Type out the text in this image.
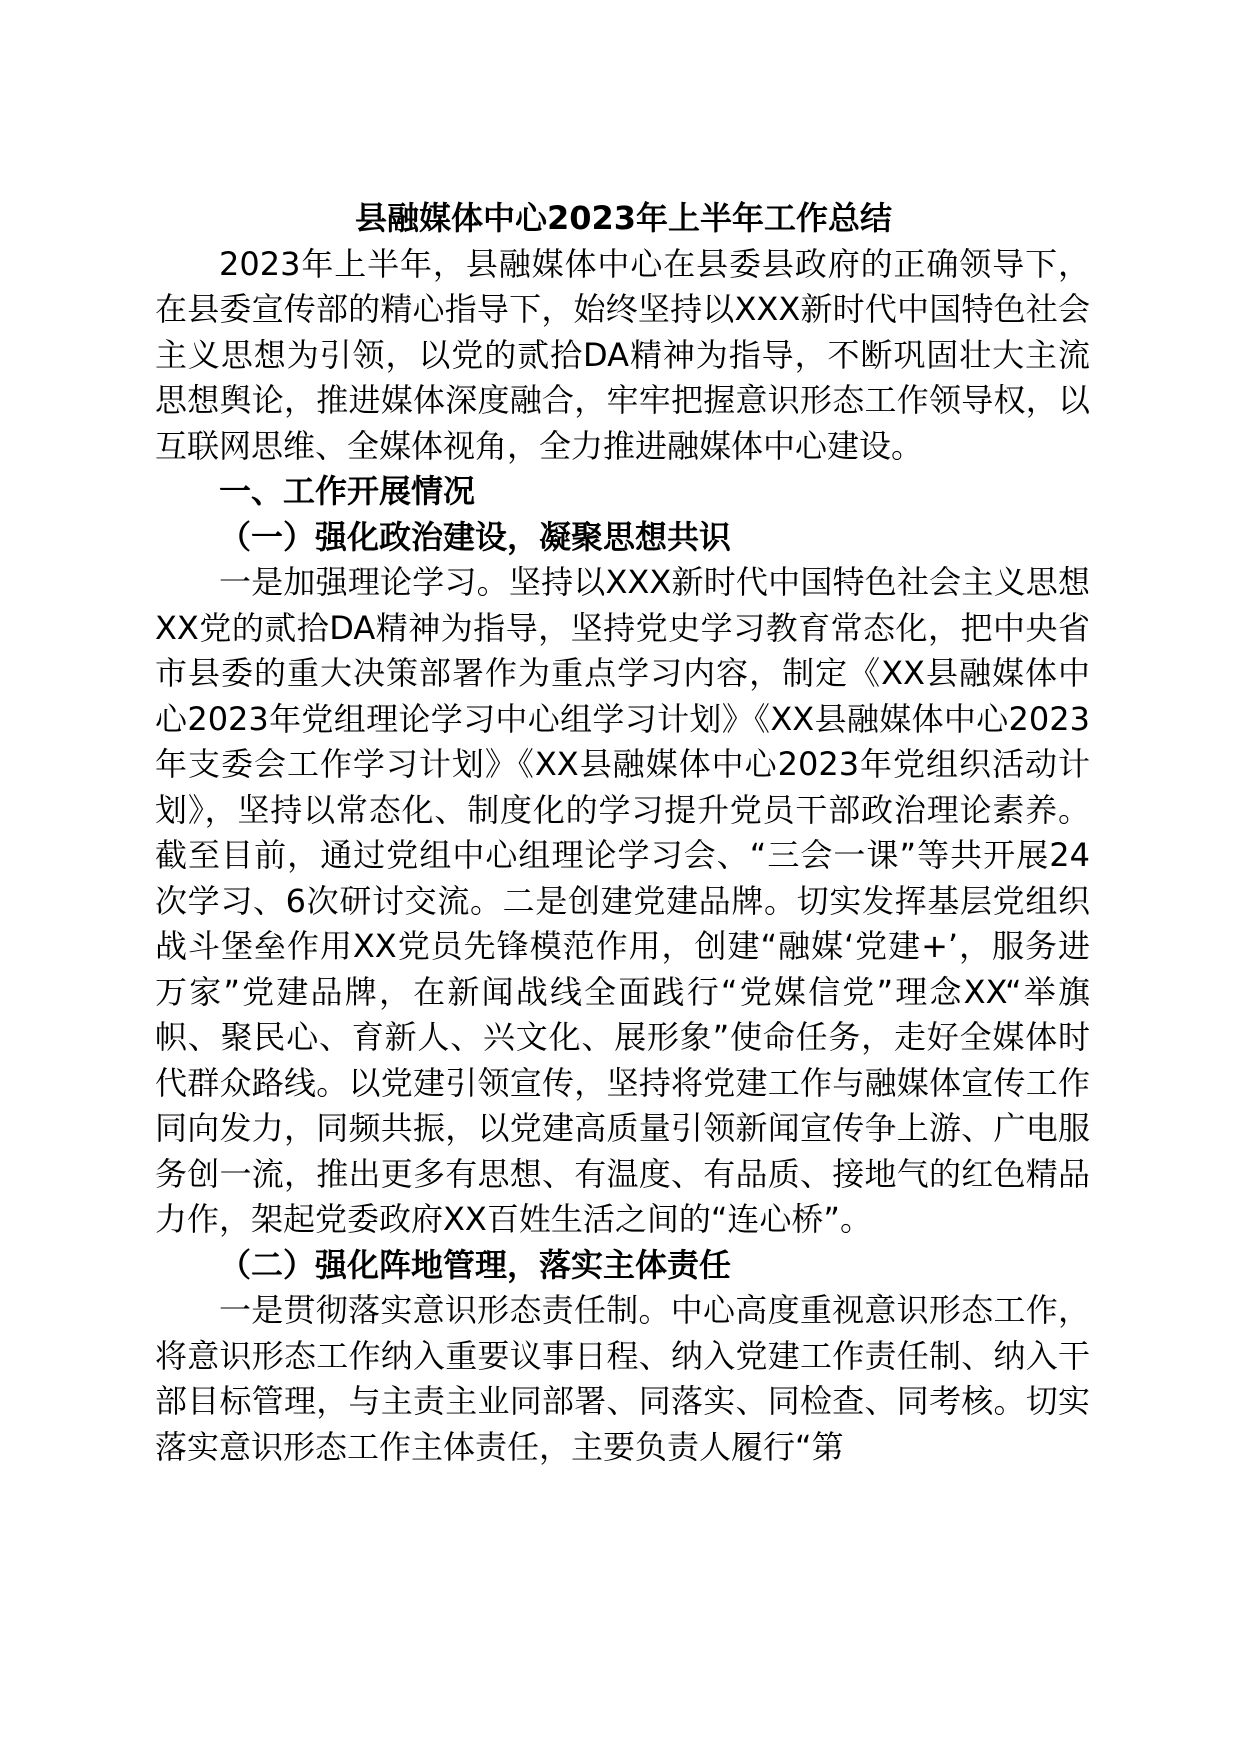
县融媒体中心2023年上半年工作总结

2023年上半年，县融媒体中心在县委县政府的正确领导下，在县委宣传部的精心指导下，始终坚持以XXX新时代中国特色社会主义思想为引领，以党的贰拾DA精神为指导，不断巩固壮大主流思想舆论，推进媒体深度融合，牢牢把握意识形态工作领导权，以互联网思维、全媒体视角，全力推进融媒体中心建设。

一、工作开展情况

（一）强化政治建设，凝聚思想共识

一是加强理论学习。坚持以XXX新时代中国特色社会主义思想XX党的贰拾DA精神为指导，坚持党史学习教育常态化，把中央省市县委的重大决策部署作为重点学习内容，制定《XX县融媒体中心2023年党组理论学习中心组学习计划》《XX县融媒体中心2023年支委会工作学习计划》《XX县融媒体中心2023年党组织活动计划》，坚持以常态化、制度化的学习提升党员干部政治理论素养。截至目前，通过党组中心组理论学习会、“三会一课”等共开展24次学习、6次研讨交流。二是创建党建品牌。切实发挥基层党组织战斗堡垒作用XX党员先锋模范作用，创建“融媒‘党建+’，服务进万家”党建品牌，在新闻战线全面践行“党媒信党”理念XX“举旗帜、聚民心、育新人、兴文化、展形象”使命任务，走好全媒体时代群众路线。以党建引领宣传，坚持将党建工作与融媒体宣传工作同向发力，同频共振，以党建高质量引领新闻宣传争上游、广电服务创一流，推出更多有思想、有温度、有品质、接地气的红色精品力作，架起党委政府XX百姓生活之间的“连心桥”。

（二）强化阵地管理，落实主体责任

一是贯彻落实意识形态责任制。中心高度重视意识形态工作，将意识形态工作纳入重要议事日程、纳入党建工作责任制、纳入干部目标管理，与主责主业同部署、同落实、同检查、同考核。切实落实意识形态工作主体责任，主要负责人履行“第
